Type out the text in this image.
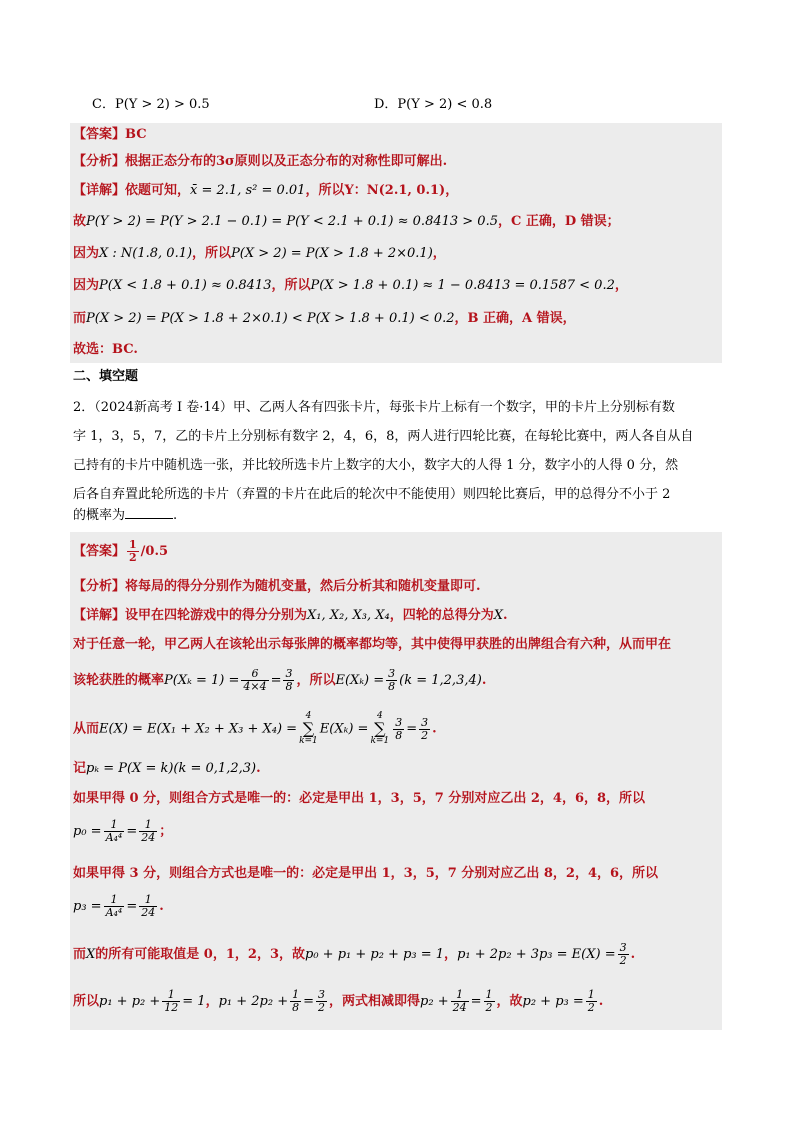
C．P(Y > 2) > 0.5	D．P(Y > 2) < 0.8
【答案】BC
【分析】根据正态分布的3σ原则以及正态分布的对称性即可解出.
【详解】依题可知，x̄ = 2.1, s² = 0.01，所以Y：N(2.1, 0.1)，
故P(Y > 2) = P(Y > 2.1 − 0.1) = P(Y < 2.1 + 0.1) ≈ 0.8413 > 0.5，C 正确，D 错误；
因为X : N(1.8, 0.1)，所以P(X > 2) = P(X > 1.8 + 2×0.1)，
因为P(X < 1.8 + 0.1) ≈ 0.8413，所以P(X > 1.8 + 0.1) ≈ 1 − 0.8413 = 0.1587 < 0.2，
而P(X > 2) = P(X > 1.8 + 2×0.1) < P(X > 1.8 + 0.1) < 0.2，B 正确，A 错误，
故选：BC.
二、填空题
2．（2024新高考 I 卷·14）甲、乙两人各有四张卡片，每张卡片上标有一个数字，甲的卡片上分别标有数
字 1，3，5，7，乙的卡片上分别标有数字 2，4，6，8，两人进行四轮比赛，在每轮比赛中，两人各自从自
己持有的卡片中随机选一张，并比较所选卡片上数字的大小，数字大的人得 1 分，数字小的人得 0 分，然
后各自弃置此轮所选的卡片（弃置的卡片在此后的轮次中不能使用）则四轮比赛后，甲的总得分不小于 2
的概率为	.
【答案】 $\frac{1}{2} /0.5$
【分析】将每局的得分分别作为随机变量，然后分析其和随机变量即可.
【详解】设甲在四轮游戏中的得分分别为X₁, X₂, X₃, X₄，四轮的总得分为X.
对于任意一轮，甲乙两人在该轮出示每张牌的概率都均等，其中使得甲获胜的出牌组合有六种，从而甲在
该轮获胜的概率$P(X_k = 1) = \frac{6}{4\times 4} = \frac{3}{8}$ ，所以$E(X_k) = \frac{3}{8} (k = 1,2,3,4)$.
从而E(X) = E(X₁ + X₂ + X₃ + X₄) =4
∑
k=1E(Xₖ) =4
∑
$k=1 \frac{3}{8} = \frac{3}{2}$ .
记pₖ = P(X = k)(k = 0,1,2,3).
如果甲得 0 分，则组合方式是唯一的：必定是甲出 1，3，5，7 分别对应乙出 2，4，6，8，所以
$p_0 = \frac{1}{\text{A₄⁴}} = \frac{1}{24}$ ；
如果甲得 3 分，则组合方式也是唯一的：必定是甲出 1，3，5，7 分别对应乙出 8，2，4，6，所以
$p_3 = \frac{1}{\text{A₄⁴}} = \frac{1}{24}$ .
而X的所有可能取值是 0，1，2，3，故p₀ + p₁ + p₂ + p₃ = 1，$p_1 + 2p_2 + 3p_3 = E(X) = \frac{3}{2}$ .
所以$p_1 + p_2 + \frac{1}{12} = 1$，$p_1 + 2p_2 + \frac{1}{8} = \frac{3}{2}$ ，两式相减即得$p_2 + \frac{1}{24} = \frac{1}{2}$ ，故$p_2 + p_3 = \frac{1}{2}$ .
